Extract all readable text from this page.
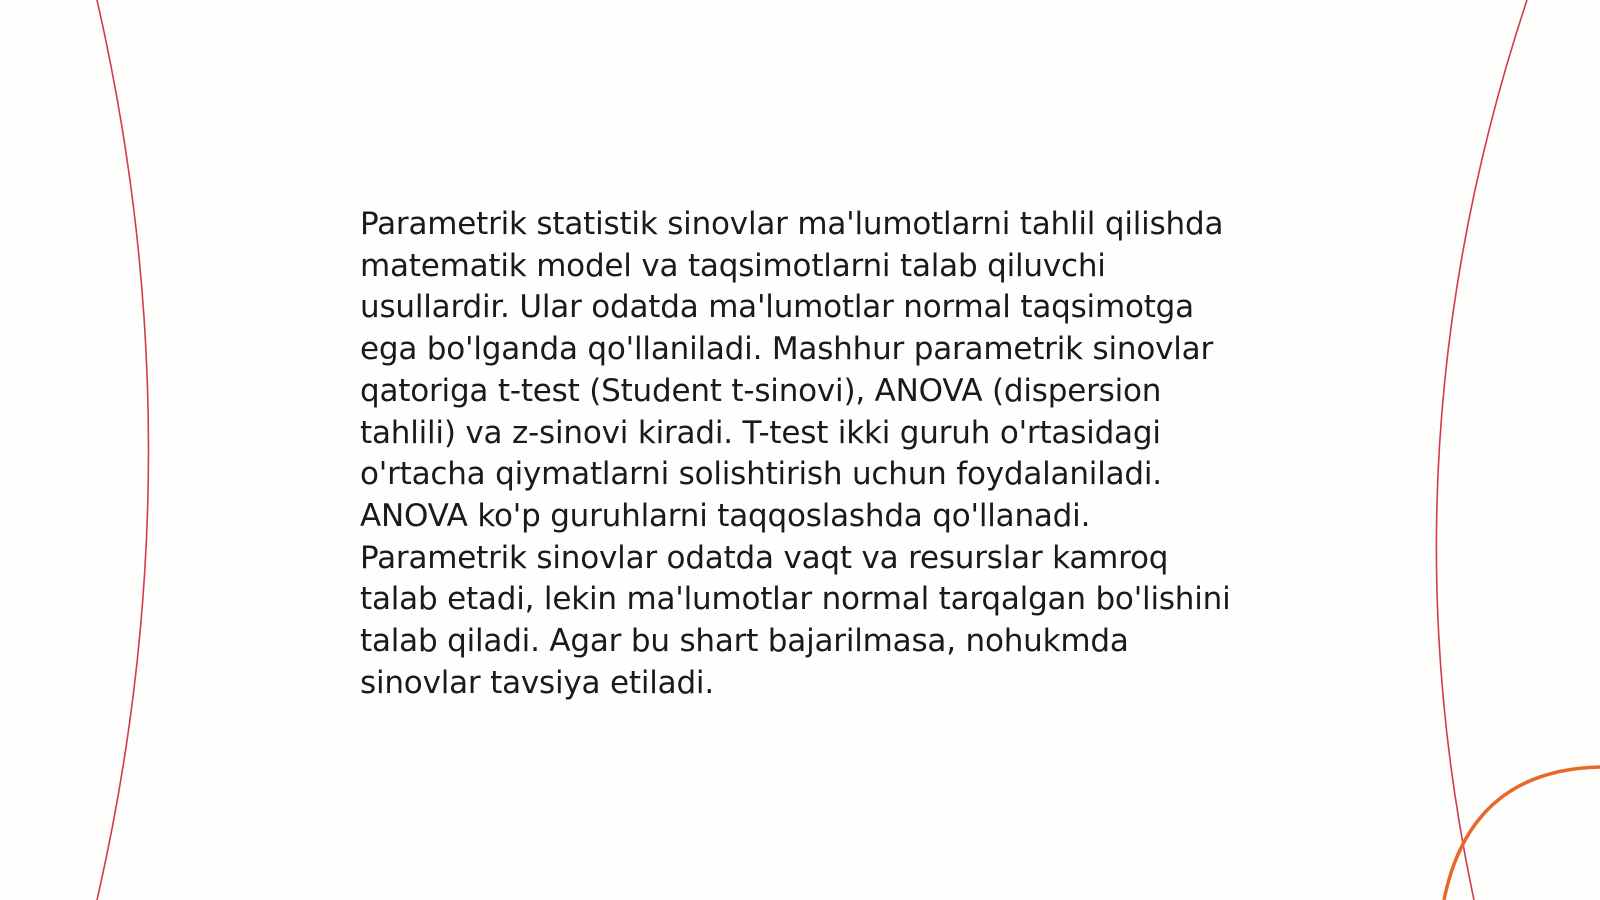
Parametrik statistik sinovlar ma'lumotlarni tahlil qilishda matematik model va taqsimotlarni talab qiluvchi usullardir. Ular odatda ma'lumotlar normal taqsimotga ega bo'lganda qo'llaniladi. Mashhur parametrik sinovlar qatoriga t-test (Student t-sinovi), ANOVA (dispersion tahlili) va z-sinovi kiradi. T-test ikki guruh o'rtasidagi o'rtacha qiymatlarni solishtirish uchun foydalaniladi. ANOVA ko'p guruhlarni taqqoslashda qo'llanadi. Parametrik sinovlar odatda vaqt va resurslar kamroq talab etadi, lekin ma'lumotlar normal tarqalgan bo'lishini talab qiladi. Agar bu shart bajarilmasa, nohukmda sinovlar tavsiya etiladi.
